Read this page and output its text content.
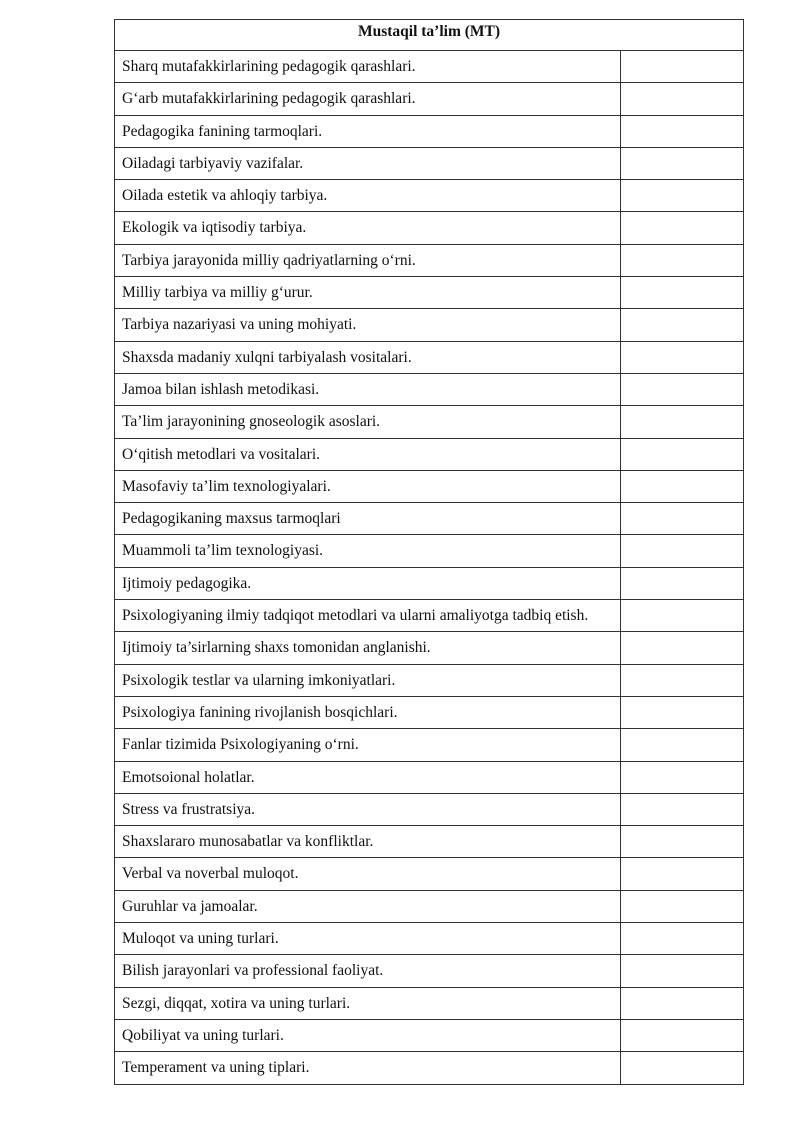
Mustaqil ta’lim (MT)	
Sharq mutafakkirlarining pedagogik qarashlari.	
G‘arb mutafakkirlarining pedagogik qarashlari.	
Pedagogika fanining tarmoqlari.	
Oiladagi tarbiyaviy vazifalar.	
Oilada estetik va ahloqiy tarbiya.	
Ekologik va iqtisodiy tarbiya.	
Tarbiya jarayonida milliy qadriyatlarning o‘rni.	
Milliy tarbiya va milliy g‘urur.	
Tarbiya nazariyasi va uning mohiyati.	
Shaxsda madaniy xulqni tarbiyalash vositalari.	
Jamoa bilan ishlash metodikasi.	
Ta’lim jarayonining gnoseologik asoslari.	
O‘qitish metodlari va vositalari.	
Masofaviy ta’lim texnologiyalari.	
Pedagogikaning maxsus tarmoqlari	
Muammoli ta’lim texnologiyasi.	
Ijtimoiy pedagogika.	
Psixologiyaning ilmiy tadqiqot metodlari va ularni amaliyotga tadbiq etish.	
Ijtimoiy ta’sirlarning shaxs tomonidan anglanishi.	
Psixologik testlar va ularning imkoniyatlari.	
Psixologiya fanining rivojlanish bosqichlari.	
Fanlar tizimida Psixologiyaning o‘rni.	
Emotsoional holatlar.	
Stress va frustratsiya.	
Shaxslararo munosabatlar va konfliktlar.	
Verbal va noverbal muloqot.	
Guruhlar va jamoalar.	
Muloqot va uning turlari.	
Bilish jarayonlari va professional faoliyat.	
Sezgi, diqqat, xotira va uning turlari.	
Qobiliyat va uning turlari.	
Temperament va uning tiplari.	
